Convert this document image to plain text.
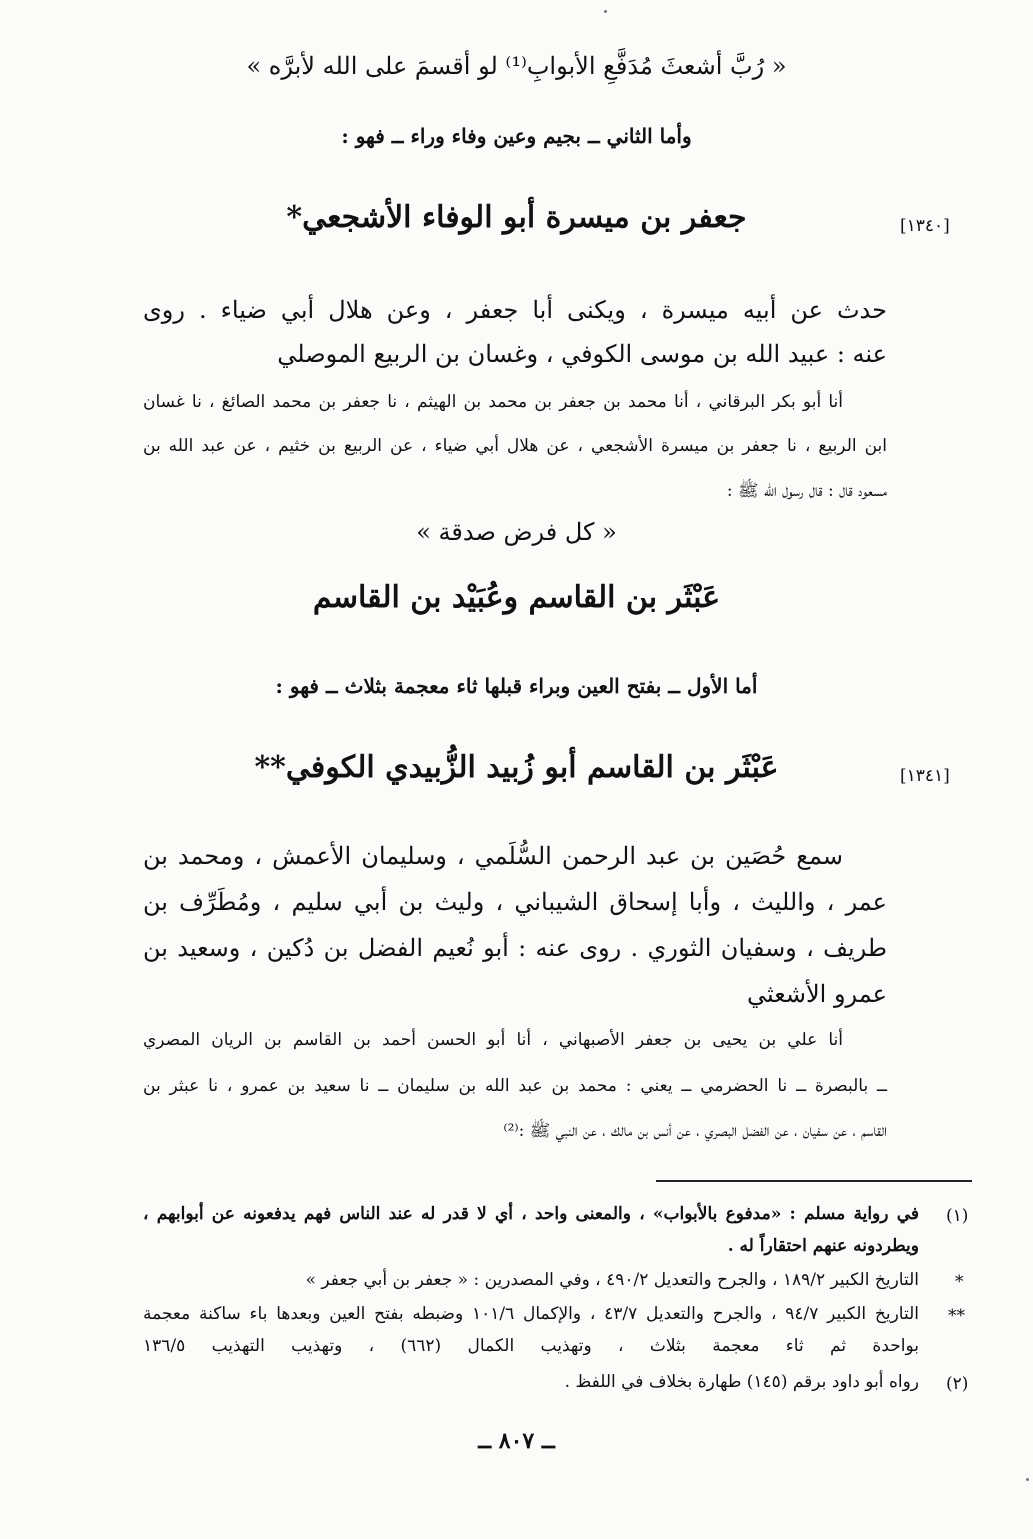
« رُبَّ أشعثَ مُدَفَّعِ الأبوابِ⁽¹⁾ لو أقسمَ على الله لأبرَّه »
وأما الثاني ــ بجيم وعين وفاء وراء ــ فهو :
[١٣٤٠]
جعفر بن ميسرة أبو الوفاء الأشجعي*
حدث عن أبيه ميسرة ، ويكنى أبا جعفر ، وعن هلال أبي ضياء . روى
عنه : عبيد الله بن موسى الكوفي ، وغسان بن الربيع الموصلي
أنا أبو بكر البرقاني ، أنا محمد بن جعفر بن محمد بن الهيثم ، نا جعفر بن محمد الصائغ ، نا غسان
ابن الربيع ، نا جعفر بن ميسرة الأشجعي ، عن هلال أبي ضياء ، عن الربيع بن خثيم ، عن عبد الله بن
مسعود قال : قال رسول الله ﷺ :
« كل فرض صدقة »
عَبْثَر بن القاسم وعُبَيْد بن القاسم
أما الأول ــ بفتح العين وبراء قبلها ثاء معجمة بثلاث ــ فهو :
[١٣٤١]
عَبْثَر بن القاسم أبو زُبيد الزُّبيدي الكوفي**
سمع حُصَين بن عبد الرحمن السُّلَمي ، وسليمان الأعمش ، ومحمد بن
عمر ، والليث ، وأبا إسحاق الشيباني ، وليث بن أبي سليم ، ومُطَرِّف بن
طريف ، وسفيان الثوري . روى عنه : أبو نُعيم الفضل بن دُكين ، وسعيد بن
عمرو الأشعثي
أنا علي بن يحيى بن جعفر الأصبهاني ، أنا أبو الحسن أحمد بن القاسم بن الريان المصري
ــ بالبصرة ــ نا الحضرمي ــ يعني : محمد بن عبد الله بن سليمان ــ نا سعيد بن عمرو ، نا عبثر بن
القاسم ، عن سفيان ، عن الفضل البصري ، عن أنس بن مالك ، عن النبي ﷺ :⁽²⁾
(١)
في رواية مسلم : «مدفوع بالأبواب» ، والمعنى واحد ، أي لا قدر له عند الناس فهم يدفعونه عن أبوابهم ،
ويطردونه عنهم احتقاراً له .
*
التاريخ الكبير ١٨٩/٢ ، والجرح والتعديل ٤٩٠/٢ ، وفي المصدرين : « جعفر بن أبي جعفر »
**
التاريخ الكبير ٩٤/٧ ، والجرح والتعديل ٤٣/٧ ، والإكمال ١٠١/٦ وضبطه بفتح العين وبعدها باء ساكنة معجمة
بواحدة ثم ثاء معجمة بثلاث ، وتهذيب الكمال (٦٦٢) ، وتهذيب التهذيب ١٣٦/٥
(٢)
رواه أبو داود برقم (١٤٥) طهارة بخلاف في اللفظ .
ــ ٨٠٧ ــ
